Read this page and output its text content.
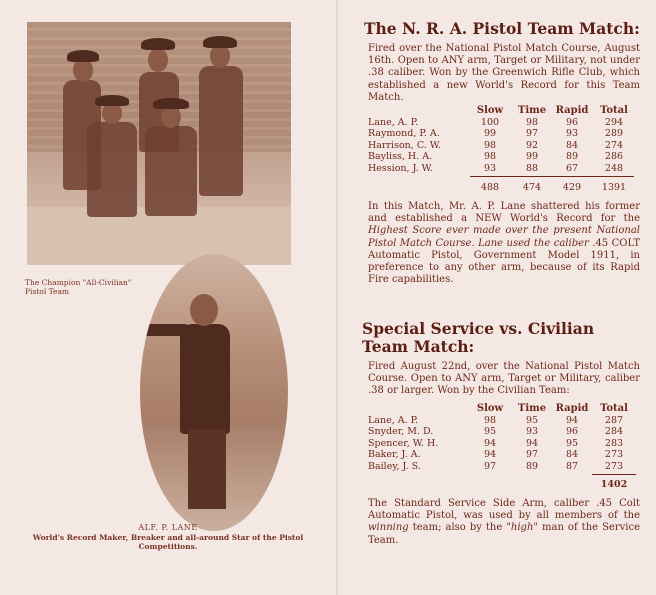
The Champion "All-Civilian" Pistol Team
ALF. P. LANE
World's Record Maker, Breaker and all-around Star of the Pistol Competitions.
The N. R. A. Pistol Team Match:
Fired over the National Pistol Match Course, August 16th. Open to ANY arm, Target or Military, not under .38 caliber. Won by the Greenwich Rifle Club, which established a new World's Record for this Team Match.
	Slow	Time	Rapid	Total
Lane, A. P.	100	98	96	294
Raymond, P. A.	99	97	93	289
Harrison, C. W.	98	92	84	274
Bayliss, H. A.	98	99	89	286
Hession, J. W.	93	88	67	248
488	474	429	1391
In this Match, Mr. A. P. Lane shattered his former and established a NEW World's Record for the Highest Score ever made over the present National Pistol Match Course. Lane used the caliber .45 COLT Automatic Pistol, Government Model 1911, in preference to any other arm, because of its Rapid Fire capabilities.
Special Service vs. Civilian
Team Match:
Fired August 22nd, over the National Pistol Match Course. Open to ANY arm, Target or Military, caliber .38 or larger. Won by the Civilian Team:
	Slow	Time	Rapid	Total
Lane, A. P.	98	95	94	287
Snyder, M. D.	95	93	96	284
Spencer, W. H.	94	94	95	283
Baker, J. A.	94	97	84	273
Bailey, J. S.	97	89	87	273
1402
The Standard Service Side Arm, caliber .45 Colt Automatic Pistol, was used by all members of the winning team; also by the "high" man of the Service Team.
